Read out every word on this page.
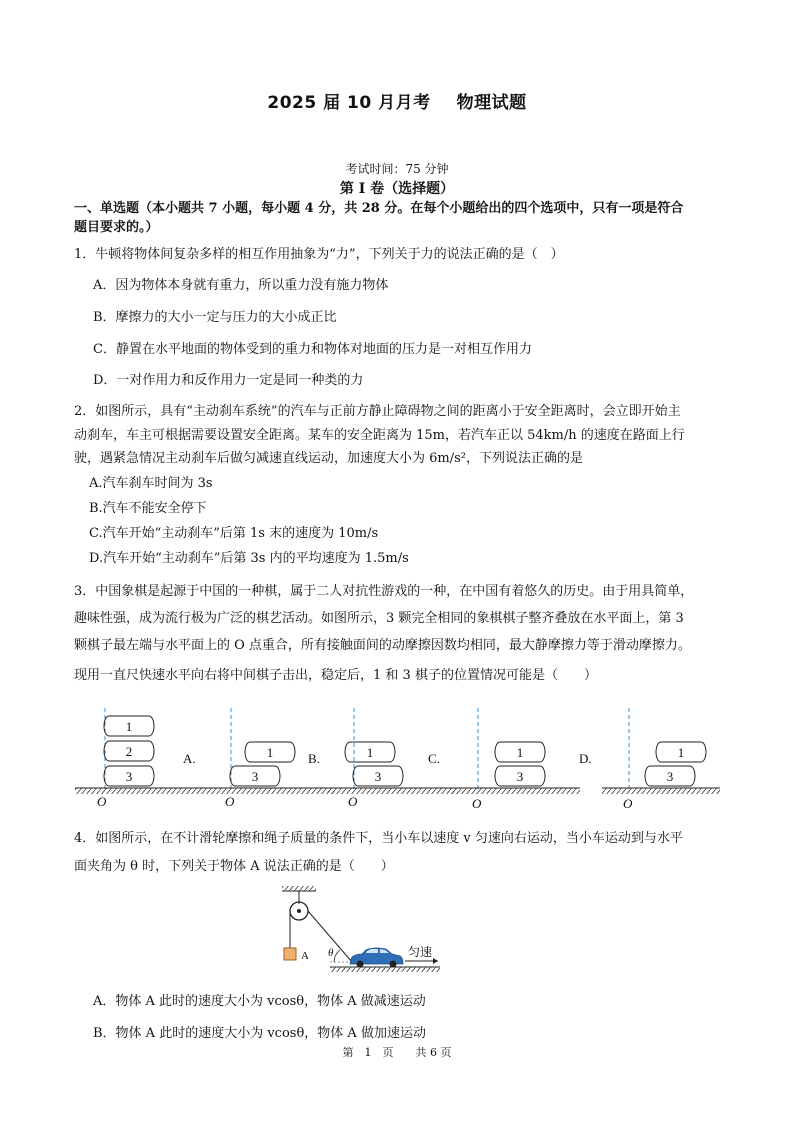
2025 届 10 月月考 物理试题
考试时间：75 分钟
第 I 卷（选择题）
一、单选题（本小题共 7 小题，每小题 4 分，共 28 分。在每个小题给出的四个选项中，只有一项是符合
题目要求的。）
1．牛顿将物体间复杂多样的相互作用抽象为“力”，下列关于力的说法正确的是（　）
A．因为物体本身就有重力，所以重力没有施力物体
B．摩擦力的大小一定与压力的大小成正比
C．静置在水平地面的物体受到的重力和物体对地面的压力是一对相互作用力
D．一对作用力和反作用力一定是同一种类的力
2．如图所示，具有“主动刹车系统”的汽车与正前方静止障碍物之间的距离小于安全距离时，会立即开始主
动刹车，车主可根据需要设置安全距离。某车的安全距离为 15m，若汽车正以 54km/h 的速度在路面上行
驶，遇紧急情况主动刹车后做匀减速直线运动，加速度大小为 6m/s²，下列说法正确的是
A.汽车刹车时间为 3s
B.汽车不能安全停下
C.汽车开始“主动刹车”后第 1s 末的速度为 10m/s
D.汽车开始“主动刹车”后第 3s 内的平均速度为 1.5m/s
3．中国象棋是起源于中国的一种棋，属于二人对抗性游戏的一种，在中国有着悠久的历史。由于用具简单，
趣味性强，成为流行极为广泛的棋艺活动。如图所示，3 颗完全相同的象棋棋子整齐叠放在水平面上，第 3
颗棋子最左端与水平面上的 O 点重合，所有接触面间的动摩擦因数均相同，最大静摩擦力等于滑动摩擦力。
现用一直尺快速水平向右将中间棋子击出，稳定后，1 和 3 棋子的位置情况可能是（　　）
1
2
3
1
3
1
3
1
3
1
3
O	O	O	O	O
A.	B.	C.	D.
4．如图所示，在不计滑轮摩擦和绳子质量的条件下，当小车以速度 v 匀速向右运动，当小车运动到与水平
面夹角为 θ 时，下列关于物体 A 说法正确的是（　　）
A θ	匀速
A．物体 A 此时的速度大小为 vcosθ，物体 A 做减速运动
B．物体 A 此时的速度大小为 vcosθ，物体 A 做加速运动
第　1　页　　共 6 页
